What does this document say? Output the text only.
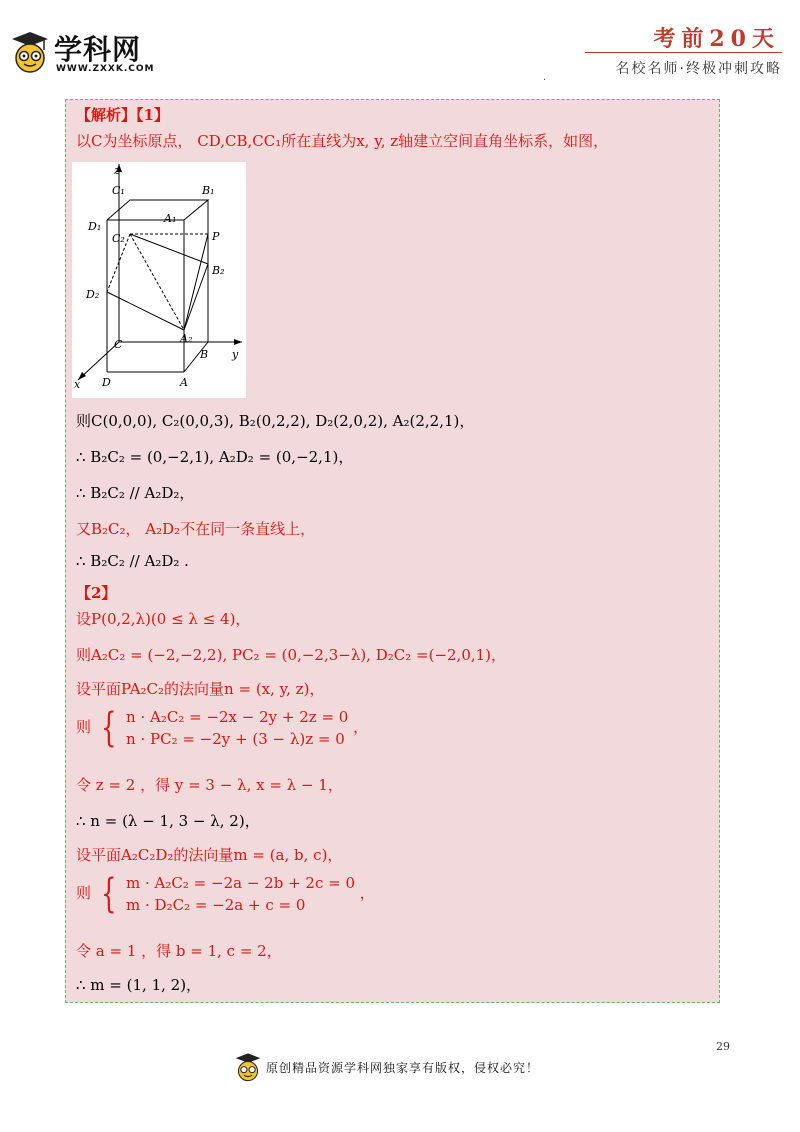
学科网
WWW.ZXXK.COM
考前20天
名校名师·终极冲刺攻略
.
【解析】【1】
以C为坐标原点， CD,CB,CC₁所在直线为x, y, z轴建立空间直角坐标系，如图，
z
C₁	B₁
A₁
D₁
C₂	P
B₂
D₂
A₂
C
B y
x D	A
则C(0,0,0), C₂(0,0,3), B₂(0,2,2), D₂(2,0,2), A₂(2,2,1)，
∴ B₂C₂ = (0,−2,1), A₂D₂ = (0,−2,1)，
∴ B₂C₂ // A₂D₂，
又B₂C₂， A₂D₂不在同一条直线上，
∴ B₂C₂ // A₂D₂ .
【2】
设P(0,2,λ)(0 ≤ λ ≤ 4)，
则A₂C₂ = (−2,−2,2), PC₂ = (0,−2,3−λ), D₂C₂ =(−2,0,1)，
设平面PA₂C₂的法向量n = (x, y, z)，
则 { n · A₂C₂ = −2x − 2y + 2z = 0
n · PC₂ = −2y + (3 − λ)z = 0
，
令 z = 2 ，得 y = 3 − λ, x = λ − 1，
∴ n = (λ − 1, 3 − λ, 2)，
设平面A₂C₂D₂的法向量m = (a, b, c)，
则 { m · A₂C₂ = −2a − 2b + 2c = 0
m · D₂C₂ = −2a + c = 0
，
令 a = 1 ，得 b = 1, c = 2，
∴ m = (1, 1, 2)，
29
原创精品资源学科网独家享有版权，侵权必究！
